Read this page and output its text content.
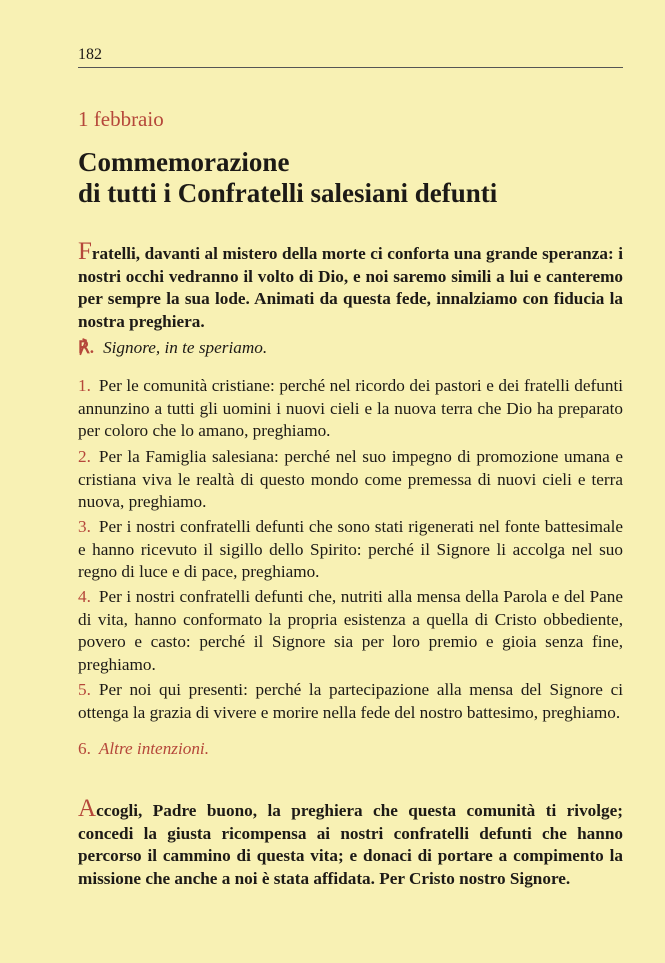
182
1 febbraio
Commemorazione
di tutti i Confratelli salesiani defunti
Fratelli, davanti al mistero della morte ci conforta una grande speranza: i nostri occhi vedranno il volto di Dio, e noi saremo simili a lui e canteremo per sempre la sua lode. Animati da questa fede, innalziamo con fiducia la nostra preghiera.
℟. Signore, in te speriamo.
1. Per le comunità cristiane: perché nel ricordo dei pastori e dei fratelli defunti annunzino a tutti gli uomini i nuovi cieli e la nuova terra che Dio ha preparato per coloro che lo amano, preghiamo.
2. Per la Famiglia salesiana: perché nel suo impegno di promozione umana e cristiana viva le realtà di questo mondo come premessa di nuovi cieli e terra nuova, preghiamo.
3. Per i nostri confratelli defunti che sono stati rigenerati nel fonte battesimale e hanno ricevuto il sigillo dello Spirito: perché il Signore li accolga nel suo regno di luce e di pace, preghiamo.
4. Per i nostri confratelli defunti che, nutriti alla mensa della Parola e del Pane di vita, hanno conformato la propria esistenza a quella di Cristo obbediente, povero e casto: perché il Signore sia per loro premio e gioia senza fine, preghiamo.
5. Per noi qui presenti: perché la partecipazione alla mensa del Signore ci ottenga la grazia di vivere e morire nella fede del nostro battesimo, preghiamo.
6. Altre intenzioni.
Accogli, Padre buono, la preghiera che questa comunità ti rivolge; concedi la giusta ricompensa ai nostri confratelli defunti che hanno percorso il cammino di questa vita; e donaci di portare a compimento la missione che anche a noi è stata affidata. Per Cristo nostro Signore.
